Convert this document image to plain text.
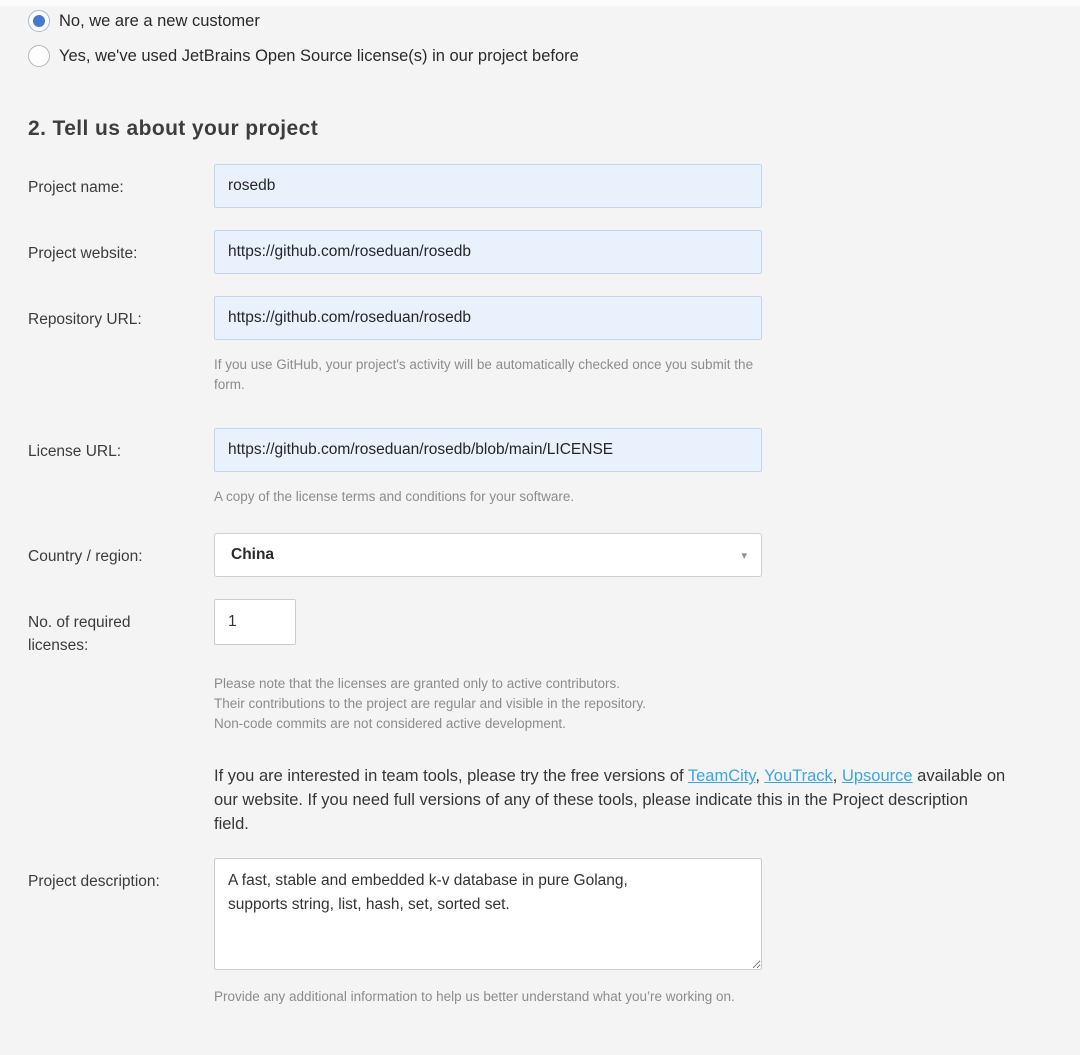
No, we are a new customer
Yes, we've used JetBrains Open Source license(s) in our project before
2. Tell us about your project
Project name:
rosedb
Project website:
https://github.com/roseduan/rosedb
Repository URL:
https://github.com/roseduan/rosedb
If you use GitHub, your project's activity will be automatically checked once you submit the form.
License URL:
https://github.com/roseduan/rosedb/blob/main/LICENSE
A copy of the license terms and conditions for your software.
Country / region:	China	▾
No. of required licenses:
1
Please note that the licenses are granted only to active contributors.
Their contributions to the project are regular and visible in the repository.
Non-code commits are not considered active development.

If you are interested in team tools, please try the free versions of TeamCity, YouTrack, Upsource available on our website. If you need full versions of any of these tools, please indicate this in the Project description field.

Project description:
A fast, stable and embedded k-v database in pure Golang, supports string, list, hash, set, sorted set.
Provide any additional information to help us better understand what you’re working on.
